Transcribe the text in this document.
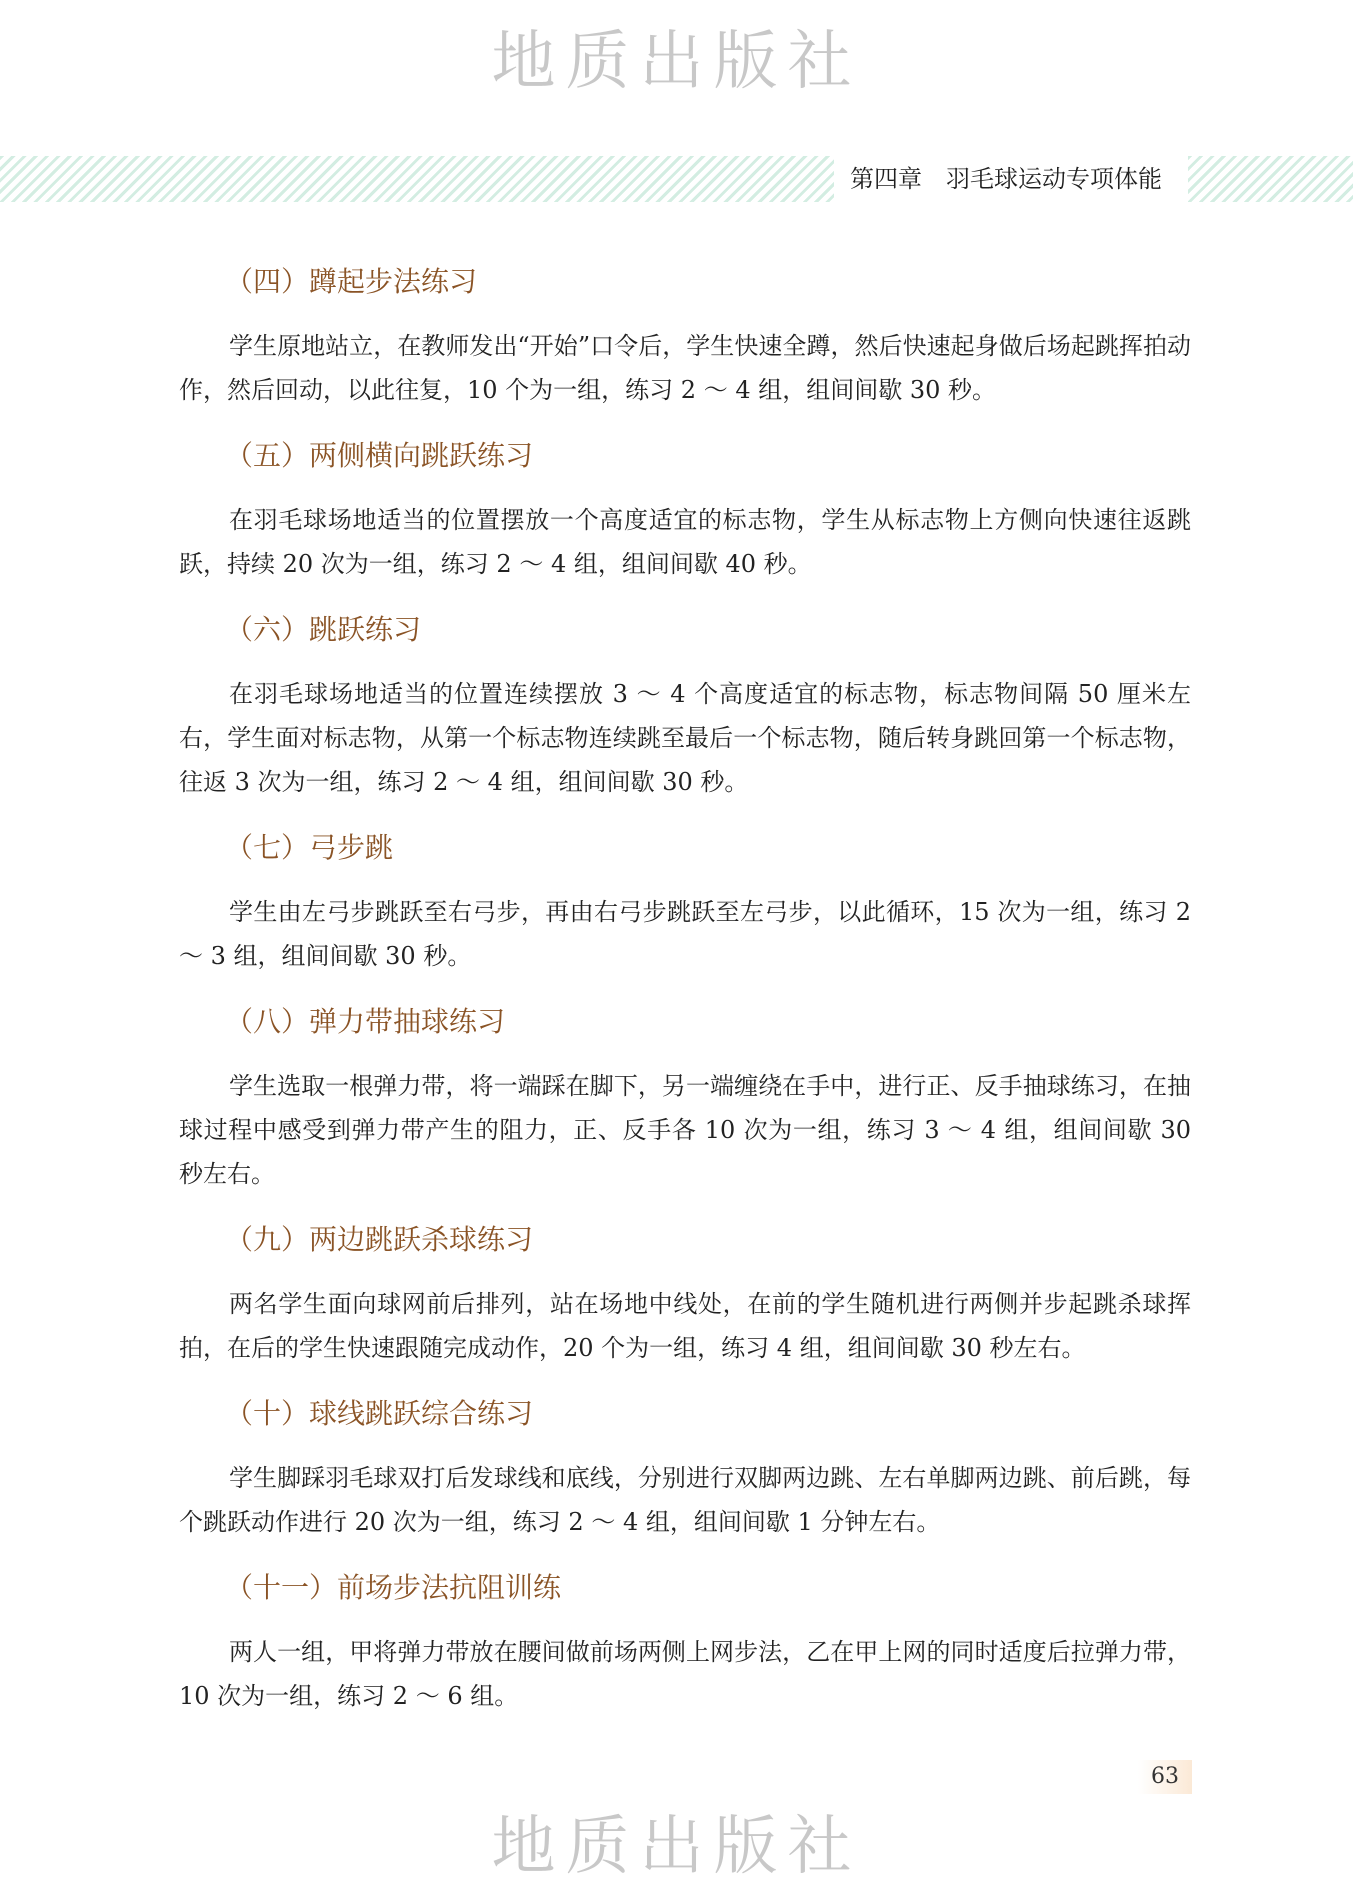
地质出版社
第四章　羽毛球运动专项体能
（四）蹲起步法练习

学生原地站立，在教师发出“开始”口令后，学生快速全蹲，然后快速起身做后场起跳挥拍动作，然后回动，以此往复，10 个为一组，练习 2 ～ 4 组，组间间歇 30 秒。

（五）两侧横向跳跃练习

在羽毛球场地适当的位置摆放一个高度适宜的标志物，学生从标志物上方侧向快速往返跳跃，持续 20 次为一组，练习 2 ～ 4 组，组间间歇 40 秒。

（六）跳跃练习

在羽毛球场地适当的位置连续摆放 3 ～ 4 个高度适宜的标志物，标志物间隔 50 厘米左右，学生面对标志物，从第一个标志物连续跳至最后一个标志物，随后转身跳回第一个标志物，往返 3 次为一组，练习 2 ～ 4 组，组间间歇 30 秒。

（七）弓步跳

学生由左弓步跳跃至右弓步，再由右弓步跳跃至左弓步，以此循环，15 次为一组，练习 2 ～ 3 组，组间间歇 30 秒。

（八）弹力带抽球练习

学生选取一根弹力带，将一端踩在脚下，另一端缠绕在手中，进行正、反手抽球练习，在抽球过程中感受到弹力带产生的阻力，正、反手各 10 次为一组，练习 3 ～ 4 组，组间间歇 30 秒左右。

（九）两边跳跃杀球练习

两名学生面向球网前后排列，站在场地中线处，在前的学生随机进行两侧并步起跳杀球挥拍，在后的学生快速跟随完成动作，20 个为一组，练习 4 组，组间间歇 30 秒左右。

（十）球线跳跃综合练习

学生脚踩羽毛球双打后发球线和底线，分别进行双脚两边跳、左右单脚两边跳、前后跳，每个跳跃动作进行 20 次为一组，练习 2 ～ 4 组，组间间歇 1 分钟左右。

（十一）前场步法抗阻训练

两人一组，甲将弹力带放在腰间做前场两侧上网步法，乙在甲上网的同时适度后拉弹力带，10 次为一组，练习 2 ～ 6 组。

63
地质出版社
